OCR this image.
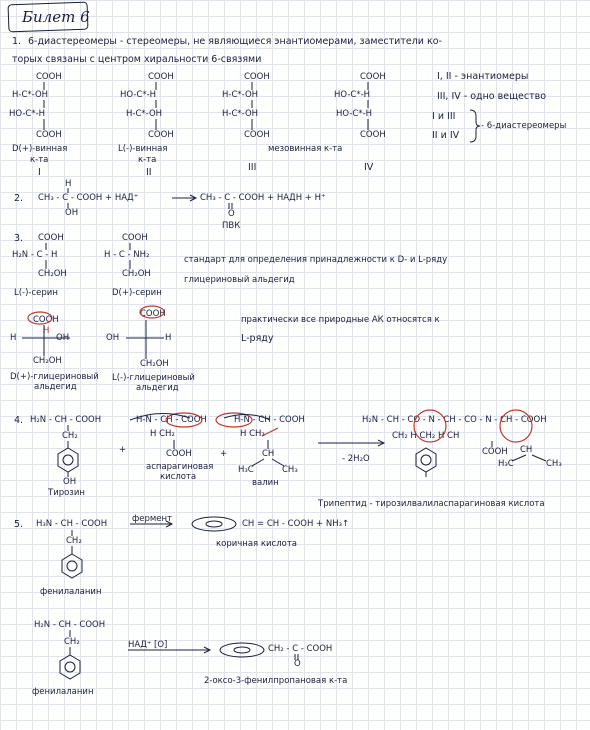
Билет 6
1. 6-диастереомеры - стереомеры, не являющиеся энантиомерами, заместители ко-
торых связаны с центром хиральности 6-связями
COOH
H-C*-OH
HO-C*-H
COOH
D(+)-винная
к-та
I
COOH
HO-C*-H
H-C*-OH
COOH
L(-)-винная
к-та
II
COOH
H-C*-OH
H-C*-OH
COOH
III
COOH
HO-C*-H
HO-C*-H
COOH
IV
мезовинная к-та
I, II - энантиомеры
III, IV - одно вещество
I и III
II и IV
- 6-диастереомеры
H
2. CH₃ - C - COOH + НАД⁺
OH
CH₃ - C - COOH + НАДН + H⁺
O
ПВК
3. COOH
H₂N - C - H
CH₂OH
L(-)-серин
COOH
H - C - NH₂
CH₂OH
D(+)-серин
стандарт для определения принадлежности к D- и L-ряду
глицериновый альдегид
COOH
H
H	OH
CH₂OH
D(+)-глицериновый
альдегид
COOH
OH	H
CH₂OH
L(-)-глицериновый
альдегид
практически все природные АК относятся к
L-ряду
4. H₂N - CH - COOH
CH₂
OH
Тирозин
H-N - CH - COOH
H CH₂
+	COOH
аспарагиновая
кислота
H-N - CH - COOH
H CH₂
+	CH
H₃C	CH₃
валин
- 2H₂O
H₂N - CH - CO - N - CH - CO - N - CH - COOH
CH₂ H CH₂ H CH
COOH CH
H₃C	CH₃
Трипептид - тирозилвалиласпарагиновая кислота
5. H₃N - CH - COOH
CH₂
фенилаланин
фермент	CH = CH - COOH + NH₃↑
коричная кислота
H₂N - CH - COOH
CH₂
фенилаланин
НАД⁺ [O]	CH₂ - C - COOH
O
2-оксо-3-фенилпропановая к-та
